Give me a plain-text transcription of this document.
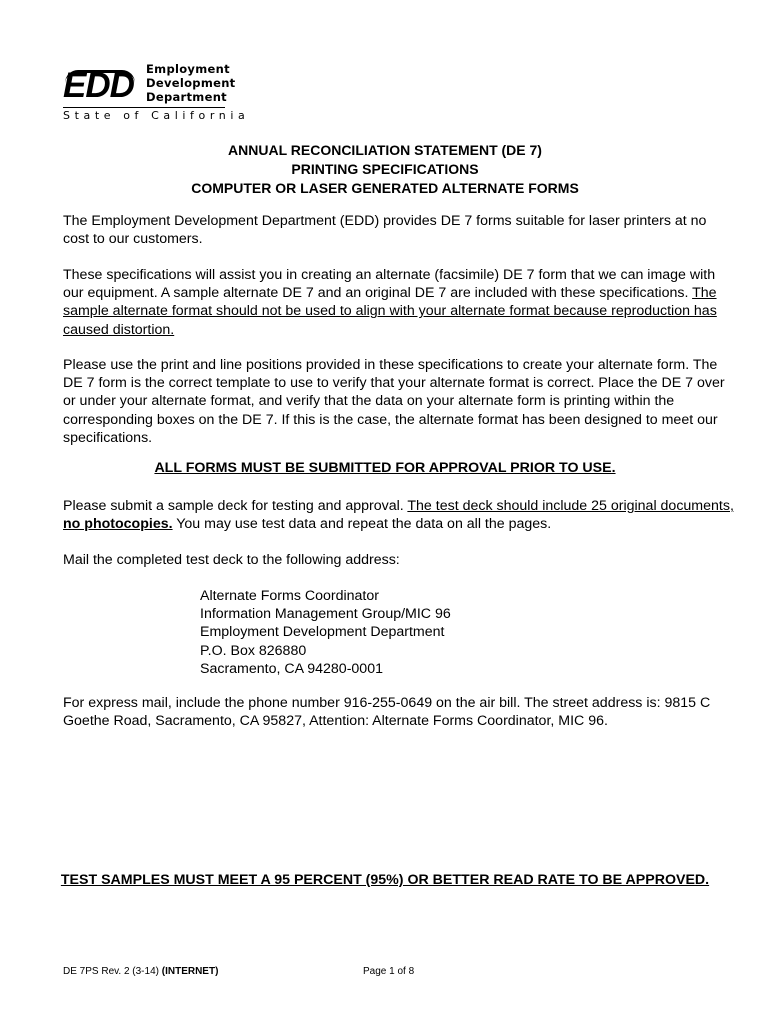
EDD Employment
Development
Department
State of California
ANNUAL RECONCILIATION STATEMENT (DE 7)
PRINTING SPECIFICATIONS
COMPUTER OR LASER GENERATED ALTERNATE FORMS
The Employment Development Department (EDD) provides DE 7 forms suitable for laser printers at no cost to our customers.
These specifications will assist you in creating an alternate (facsimile) DE 7 form that we can image with our equipment. A sample alternate DE 7 and an original DE 7 are included with these specifications. The sample alternate format should not be used to align with your alternate format because reproduction has caused distortion.
Please use the print and line positions provided in these specifications to create your alternate form. The DE 7 form is the correct template to use to verify that your alternate format is correct. Place the DE 7 over or under your alternate format, and verify that the data on your alternate form is printing within the corresponding boxes on the DE 7. If this is the case, the alternate format has been designed to meet our specifications.
ALL FORMS MUST BE SUBMITTED FOR APPROVAL PRIOR TO USE.
Please submit a sample deck for testing and approval. The test deck should include 25 original documents, no photocopies. You may use test data and repeat the data on all the pages.
Mail the completed test deck to the following address:
Alternate Forms Coordinator
Information Management Group/MIC 96
Employment Development Department
P.O. Box 826880
Sacramento, CA 94280-0001
For express mail, include the phone number 916-255-0649 on the air bill. The street address is: 9815 C Goethe Road, Sacramento, CA 95827, Attention: Alternate Forms Coordinator, MIC 96.
TEST SAMPLES MUST MEET A 95 PERCENT (95%) OR BETTER READ RATE TO BE APPROVED.
DE 7PS Rev. 2 (3-14) (INTERNET)	Page 1 of 8
